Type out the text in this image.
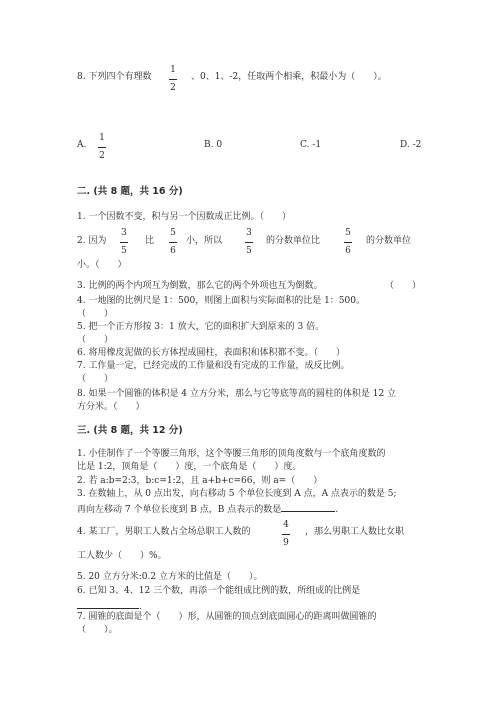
8. 下列四个有理数
1
2
、0、1、-2，任取两个相乘，积最小为（　　）。
A.
1
2
B. 0	C. -1	D. -2
二. (共 8 题，共 16 分)
1. 一个因数不变，积与另一个因数成正比例。（　　）
2. 因为
3
5
比
5
6
小，所以
3
5
的分数单位比
5
6
的分数单位
小。（　　）
3. 比例的两个内项互为倒数，那么它的两个外项也互为倒数。	（　　）
4. 一地图的比例尺是 1：500，则图上面积与实际面积的比是 1：500。
（　　）
5. 把一个正方形按 3：1 放大，它的面积扩大到原来的 3 倍。
（　　）
6. 将用橡皮泥做的长方体捏成圆柱，表面积和体积都不变。（　　）
7. 工作量一定，已经完成的工作量和没有完成的工作量，成反比例。
（　　）
8. 如果一个圆锥的体积是 4 立方分米，那么与它等底等高的圆柱的体积是 12 立
方分米。（　　）
三. (共 8 题，共 12 分)
1. 小佳制作了一个等腰三角形，这个等腰三角形的顶角度数与一个底角度数的
比是 1:2，顶角是（　　）度，一个底角是（　　）度。
2. 若 a:b=2:3，b:c=1:2，且 a+b+c=66，则 a=（　　）
3. 在数轴上，从 0 点出发，向右移动 5 个单位长度到 A 点，A 点表示的数是 5;
再向左移动 7 个单位长度到 B 点，B 点表示的数是	.
4. 某工厂，男职工人数占全场总职工人数的
4
9
，那么男职工人数比女职
工人数少（　　）%。
5. 20 立方分米:0.2 立方米的比值是（　　）。
6. 已知 3、4、12 三个数，再添一个能组成比例的数，所组成的比例是
.
7. 圆锥的底面是个（　　）形，从圆锥的顶点到底面圆心的距离叫做圆锥的
（　　）。
